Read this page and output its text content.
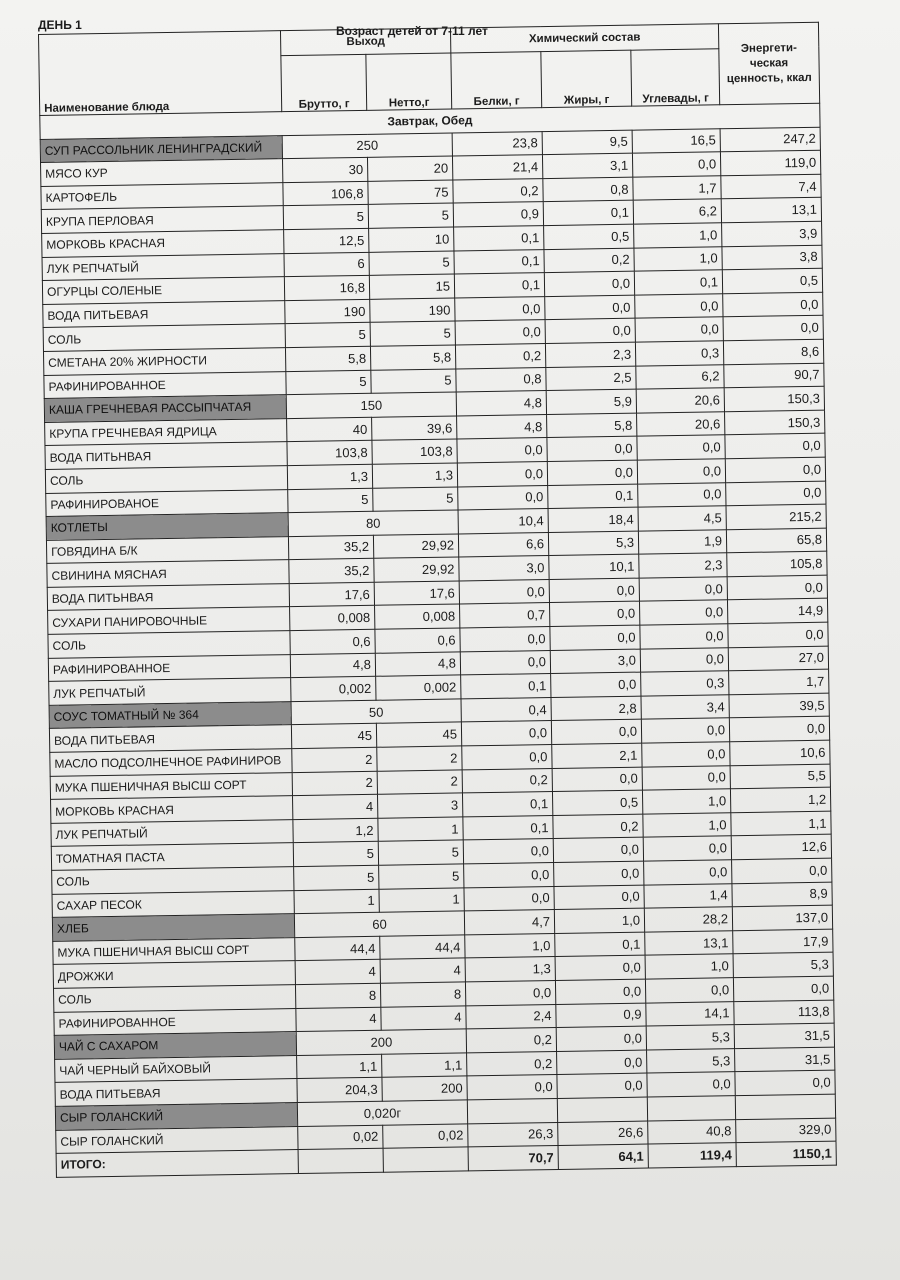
ДЕНЬ 1	Возраст детей от 7-11 лет
Наименование блюда	Выход		Химический состав			Энергети-ческая ценность, ккал
	Брутто, г	Нетто,г	Белки, г	Жиры, г	Углевады, г	
Завтрак, Обед						
СУП РАССОЛЬНИК ЛЕНИНГРАДСКИЙ	250		23,8	9,5	16,5	247,2
МЯСО КУР	30	20	21,4	3,1	0,0	119,0
КАРТОФЕЛЬ	106,8	75	0,2	0,8	1,7	7,4
КРУПА ПЕРЛОВАЯ	5	5	0,9	0,1	6,2	13,1
МОРКОВЬ КРАСНАЯ	12,5	10	0,1	0,5	1,0	3,9
ЛУК РЕПЧАТЫЙ	6	5	0,1	0,2	1,0	3,8
ОГУРЦЫ СОЛЕНЫЕ	16,8	15	0,1	0,0	0,1	0,5
ВОДА ПИТЬЕВАЯ	190	190	0,0	0,0	0,0	0,0
СОЛЬ	5	5	0,0	0,0	0,0	0,0
СМЕТАНА 20% ЖИРНОСТИ	5,8	5,8	0,2	2,3	0,3	8,6
РАФИНИРОВАННОЕ	5	5	0,8	2,5	6,2	90,7
КАША ГРЕЧНЕВАЯ РАССЫПЧАТАЯ	150		4,8	5,9	20,6	150,3
КРУПА ГРЕЧНЕВАЯ ЯДРИЦА	40	39,6	4,8	5,8	20,6	150,3
ВОДА ПИТЬНВАЯ	103,8	103,8	0,0	0,0	0,0	0,0
СОЛЬ	1,3	1,3	0,0	0,0	0,0	0,0
РАФИНИРОВАНОЕ	5	5	0,0	0,1	0,0	0,0
КОТЛЕТЫ	80		10,4	18,4	4,5	215,2
ГОВЯДИНА Б/К	35,2	29,92	6,6	5,3	1,9	65,8
СВИНИНА МЯСНАЯ	35,2	29,92	3,0	10,1	2,3	105,8
ВОДА ПИТЬНВАЯ	17,6	17,6	0,0	0,0	0,0	0,0
СУХАРИ ПАНИРОВОЧНЫЕ	0,008	0,008	0,7	0,0	0,0	14,9
СОЛЬ	0,6	0,6	0,0	0,0	0,0	0,0
РАФИНИРОВАННОЕ	4,8	4,8	0,0	3,0	0,0	27,0
ЛУК РЕПЧАТЫЙ	0,002	0,002	0,1	0,0	0,3	1,7
СОУС ТОМАТНЫЙ № 364	50		0,4	2,8	3,4	39,5
ВОДА ПИТЬЕВАЯ	45	45	0,0	0,0	0,0	0,0
МАСЛО ПОДСОЛНЕЧНОЕ РАФИНИРОВ	2	2	0,0	2,1	0,0	10,6
МУКА ПШЕНИЧНАЯ ВЫСШ СОРТ	2	2	0,2	0,0	0,0	5,5
МОРКОВЬ КРАСНАЯ	4	3	0,1	0,5	1,0	1,2
ЛУК РЕПЧАТЫЙ	1,2	1	0,1	0,2	1,0	1,1
ТОМАТНАЯ ПАСТА	5	5	0,0	0,0	0,0	12,6
СОЛЬ	5	5	0,0	0,0	0,0	0,0
САХАР ПЕСОК	1	1	0,0	0,0	1,4	8,9
ХЛЕБ	60		4,7	1,0	28,2	137,0
МУКА ПШЕНИЧНАЯ ВЫСШ СОРТ	44,4	44,4	1,0	0,1	13,1	17,9
ДРОЖЖИ	4	4	1,3	0,0	1,0	5,3
СОЛЬ	8	8	0,0	0,0	0,0	0,0
РАФИНИРОВАННОЕ	4	4	2,4	0,9	14,1	113,8
ЧАЙ С САХАРОМ	200		0,2	0,0	5,3	31,5
ЧАЙ ЧЕРНЫЙ БАЙХОВЫЙ	1,1	1,1	0,2	0,0	5,3	31,5
ВОДА ПИТЬЕВАЯ	204,3	200	0,0	0,0	0,0	0,0
СЫР ГОЛАНСКИЙ	0,020г					
СЫР ГОЛАНСКИЙ	0,02	0,02	26,3	26,6	40,8	329,0
ИТОГО:			70,7	64,1	119,4	1150,1
